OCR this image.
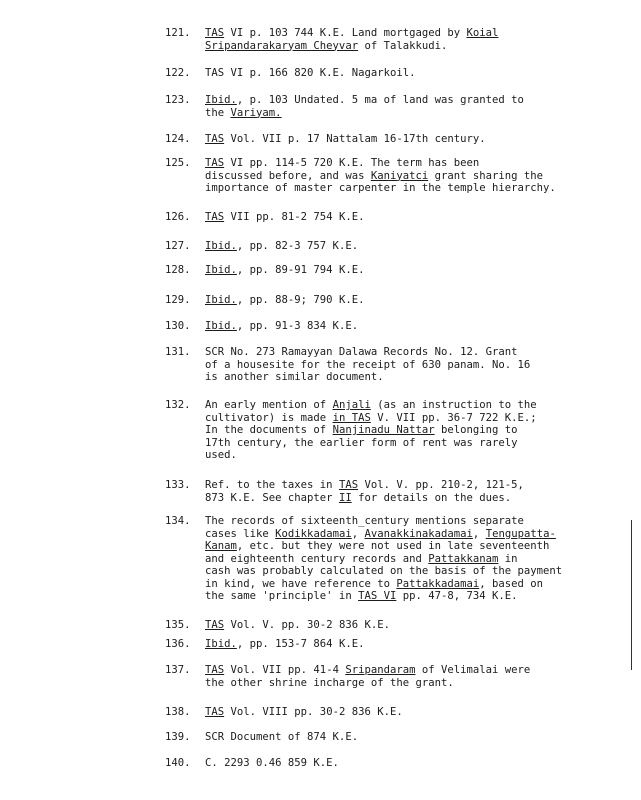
121.	TAS VI p. 103 744 K.E. Land mortgaged by Koial
Sripandarakaryam Cheyvar of Talakkudi.
122.	TAS VI p. 166 820 K.E. Nagarkoil.
123.	Ibid., p. 103 Undated. 5 ma of land was granted to
the Variyam.
124.	TAS Vol. VII p. 17 Nattalam 16-17th century.
125.	TAS VI pp. 114-5 720 K.E. The term has been
discussed before, and was Kaniyatci grant sharing the
importance of master carpenter in the temple hierarchy.
126.	TAS VII pp. 81-2 754 K.E.
127.	Ibid., pp. 82-3 757 K.E.
128.	Ibid., pp. 89-91 794 K.E.
129.	Ibid., pp. 88-9; 790 K.E.
130.	Ibid., pp. 91-3 834 K.E.
131.	SCR No. 273 Ramayyan Dalawa Records No. 12. Grant
of a housesite for the receipt of 630 panam. No. 16
is another similar document.
132.	An early mention of Anjali (as an instruction to the
cultivator) is made in TAS V. VII pp. 36-7 722 K.E.;
In the documents of Nanjinadu Nattar belonging to
17th century, the earlier form of rent was rarely
used.
133.	Ref. to the taxes in TAS Vol. V. pp. 210-2, 121-5,
873 K.E. See chapter II for details on the dues.
134.	The records of sixteenth_century mentions separate
cases like Kodikkadamai, Avanakkinakadamai, Tengupatta-
Kanam, etc. but they were not used in late seventeenth
and eighteenth century records and Pattakkanam in
cash was probably calculated on the basis of the payment
in kind, we have reference to Pattakkadamai, based on
the same 'principle' in TAS VI pp. 47-8, 734 K.E.
135.	TAS Vol. V. pp. 30-2 836 K.E.
136.	Ibid., pp. 153-7 864 K.E.
137.	TAS Vol. VII pp. 41-4 Sripandaram of Velimalai were
the other shrine incharge of the grant.
138.	TAS Vol. VIII pp. 30-2 836 K.E.
139.	SCR Document of 874 K.E.
140.	C. 2293 0.46 859 K.E.
